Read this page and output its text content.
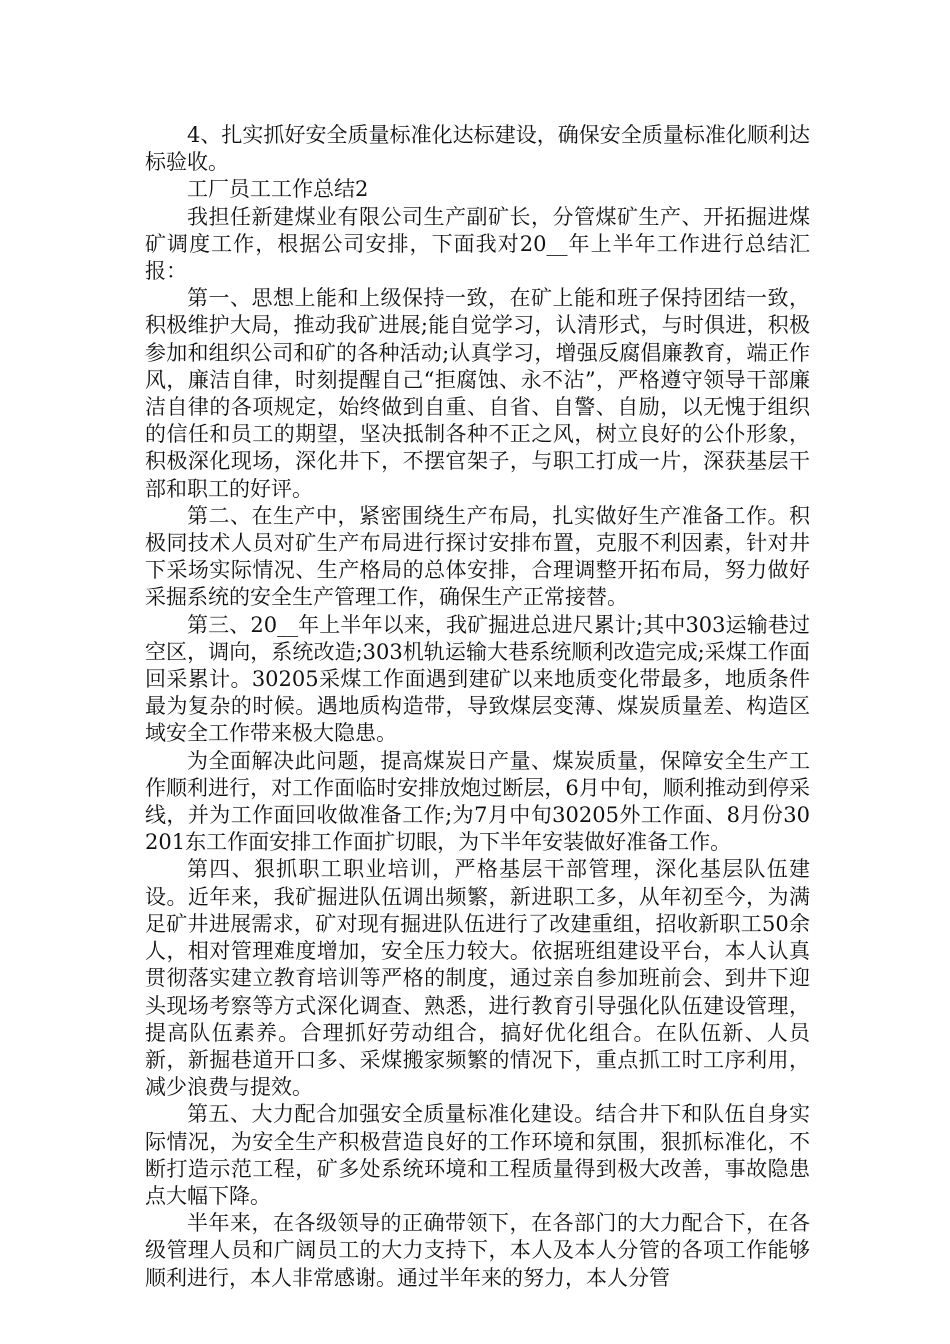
4、扎实抓好安全质量标准化达标建设，确保安全质量标准化顺利达标验收。

工厂员工工作总结2

我担任新建煤业有限公司生产副矿长，分管煤矿生产、开拓掘进煤矿调度工作，根据公司安排，下面我对20__年上半年工作进行总结汇报：

第一、思想上能和上级保持一致，在矿上能和班子保持团结一致，积极维护大局，推动我矿进展;能自觉学习，认清形式，与时俱进，积极参加和组织公司和矿的各种活动;认真学习，增强反腐倡廉教育，端正作风，廉洁自律，时刻提醒自己“拒腐蚀、永不沾”，严格遵守领导干部廉洁自律的各项规定，始终做到自重、自省、自警、自励，以无愧于组织的信任和员工的期望，坚决抵制各种不正之风，树立良好的公仆形象，积极深化现场，深化井下，不摆官架子，与职工打成一片，深获基层干部和职工的好评。

第二、在生产中，紧密围绕生产布局，扎实做好生产准备工作。积极同技术人员对矿生产布局进行探讨安排布置，克服不利因素，针对井下采场实际情况、生产格局的总体安排，合理调整开拓布局，努力做好采掘系统的安全生产管理工作，确保生产正常接替。

第三、20__年上半年以来，我矿掘进总进尺累计;其中303运输巷过空区，调向，系统改造;303机轨运输大巷系统顺利改造完成;采煤工作面回采累计。30205采煤工作面遇到建矿以来地质变化带最多，地质条件最为复杂的时候。遇地质构造带，导致煤层变薄、煤炭质量差、构造区域安全工作带来极大隐患。

为全面解决此问题，提高煤炭日产量、煤炭质量，保障安全生产工作顺利进行，对工作面临时安排放炮过断层，6月中旬，顺利推动到停采线，并为工作面回收做准备工作;为7月中旬30205外工作面、8月份30201东工作面安排工作面扩切眼，为下半年安装做好准备工作。

第四、狠抓职工职业培训，严格基层干部管理，深化基层队伍建设。近年来，我矿掘进队伍调出频繁，新进职工多，从年初至今，为满足矿井进展需求，矿对现有掘进队伍进行了改建重组，招收新职工50余人，相对管理难度增加，安全压力较大。依据班组建设平台，本人认真贯彻落实建立教育培训等严格的制度，通过亲自参加班前会、到井下迎头现场考察等方式深化调查、熟悉，进行教育引导强化队伍建设管理，提高队伍素养。合理抓好劳动组合，搞好优化组合。在队伍新、人员新，新掘巷道开口多、采煤搬家频繁的情况下，重点抓工时工序利用，减少浪费与提效。

第五、大力配合加强安全质量标准化建设。结合井下和队伍自身实际情况，为安全生产积极营造良好的工作环境和氛围，狠抓标准化，不断打造示范工程，矿多处系统环境和工程质量得到极大改善，事故隐患点大幅下降。

半年来，在各级领导的正确带领下，在各部门的大力配合下，在各级管理人员和广阔员工的大力支持下，本人及本人分管的各项工作能够顺利进行，本人非常感谢。通过半年来的努力，本人分管
